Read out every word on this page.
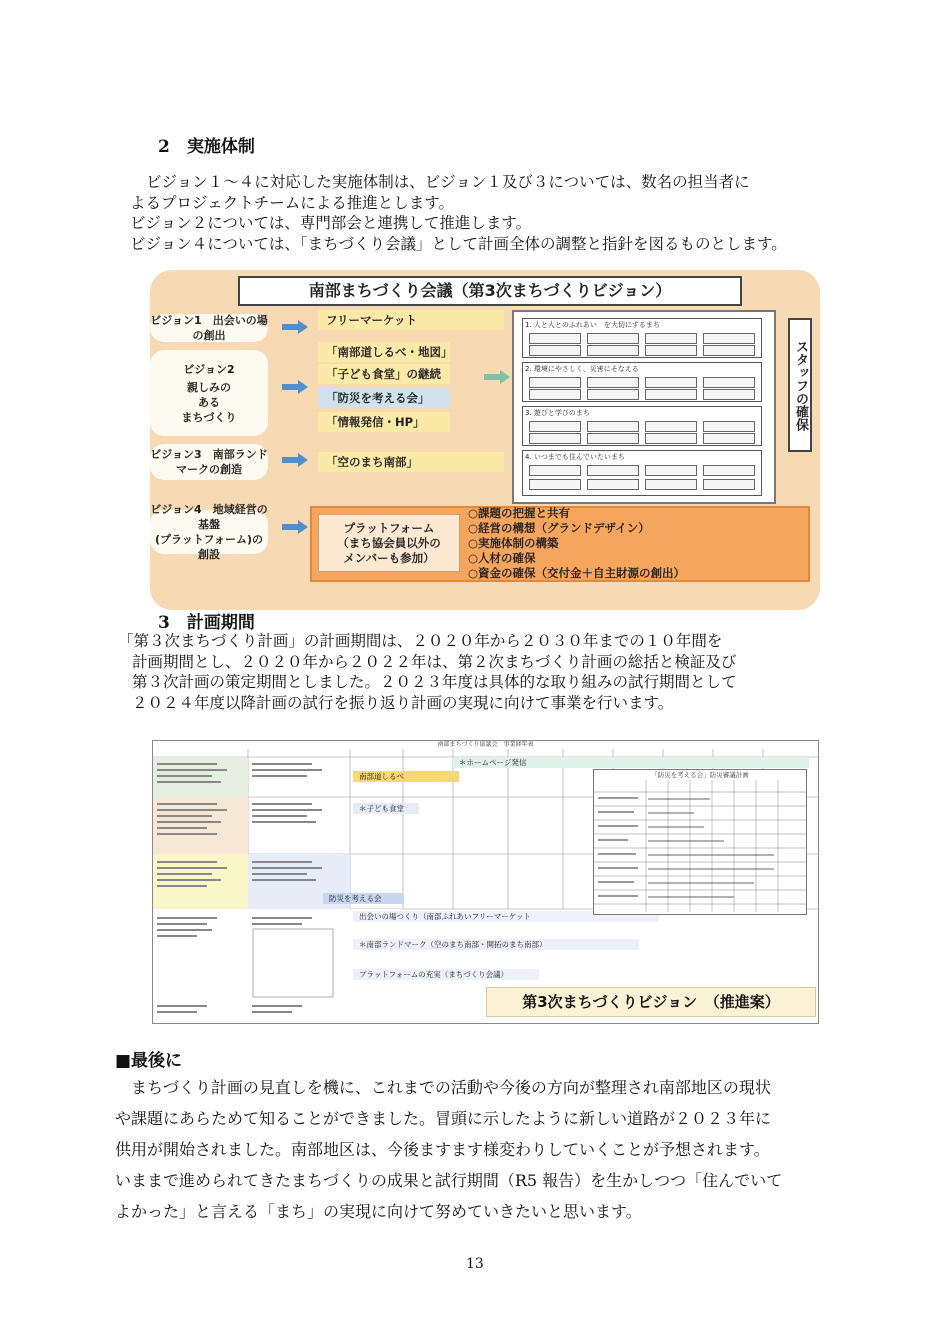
2　実施体制
ビジョン１～４に対応した実施体制は、ビジョン１及び３については、数名の担当者に
よるプロジェクトチームによる推進とします。
ビジョン２については、専門部会と連携して推進します。
ビジョン４については、「まちづくり会議」として計画全体の調整と指針を図るものとします。
南部まちづくり会議（第3次まちづくりビジョン）
ビジョン1　出会いの場の創出
ビジョン2
親しみの
ある
まちづくり
ビジョン3　南部ランドマークの創造
ビジョン4　地域経営の基盤
(プラットフォーム)の創設
フリーマーケット
「南部道しるべ・地図」
「子ども食堂」の継続
「防災を考える会」
「情報発信・HP」
「空のまち南部」
1. 人と人とのふれあい　を大切にするまち
2. 環境にやさしく、災害にそなえる
3. 遊びと学びのまち
4. いつまでも住んでいたいまち
スタッフの確保
プラットフォーム
（まち協会員以外の
メンバーも参加）
○課題の把握と共有
○経営の構想（グランドデザイン）
○実施体制の構築
○人材の確保
○資金の確保（交付金＋自主財源の創出）
3　計画期間
「第３次まちづくり計画」の計画期間は、２０２０年から２０３０年までの１０年間を
計画期間とし、２０２０年から２０２２年は、第２次まちづくり計画の総括と検証及び
第３次計画の策定期間としました。２０２３年度は具体的な取り組みの試行期間として
２０２４年度以降計画の試行を振り返り計画の実現に向けて事業を行います。
南部まちづくり協議会　事業経年表
＊ホームページ発信
南部道しるべ
＊子ども食堂
防災を考える会
出会いの場つくり（南部ふれあいフリーマーケット
＊南部ランドマーク（空のまち南部・開拓のまち南部）
プラットフォームの充実（まちづくり会議）
「防災を考える会」防災審議計画
第3次まちづくりビジョン　（推進案）
■最後に
　まちづくり計画の見直しを機に、これまでの活動や今後の方向が整理され南部地区の現状
や課題にあらためて知ることができました。冒頭に示したように新しい道路が２０２３年に
供用が開始されました。南部地区は、今後ますます様変わりしていくことが予想されます。
いままで進められてきたまちづくりの成果と試行期間（R5 報告）を生かしつつ「住んでいて
よかった」と言える「まち」の実現に向けて努めていきたいと思います。
13
